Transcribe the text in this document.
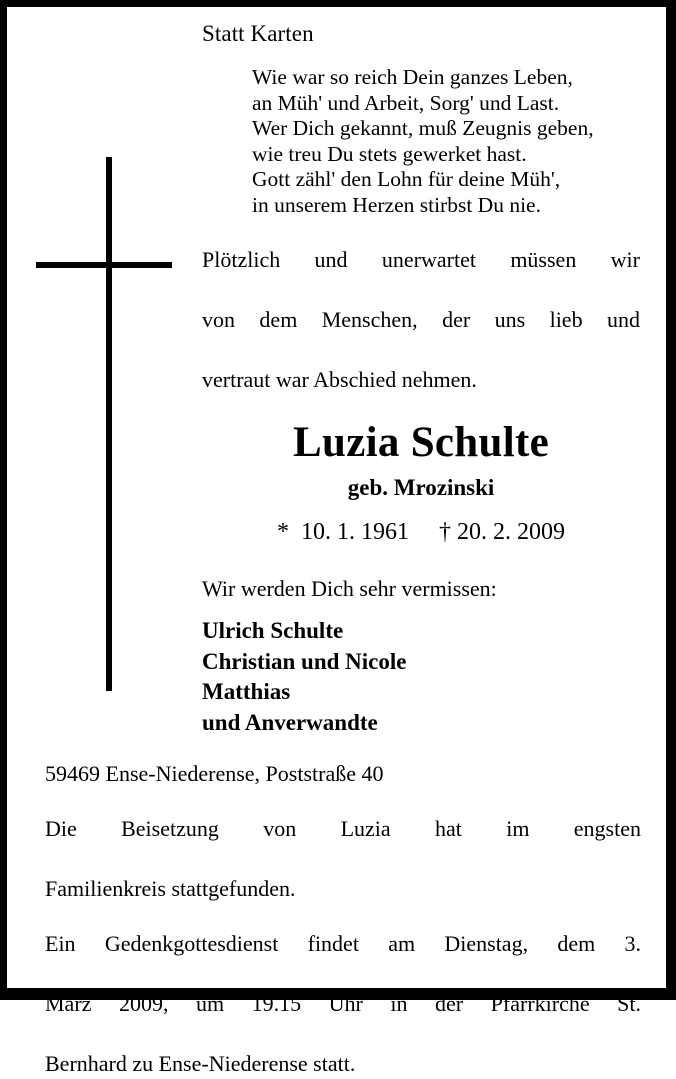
Statt Karten
Wie war so reich Dein ganzes Leben,
an Müh' und Arbeit, Sorg' und Last.
Wer Dich gekannt, muß Zeugnis geben,
wie treu Du stets gewerket hast.
Gott zähl' den Lohn für deine Müh',
in unserem Herzen stirbst Du nie.
Plötzlich und unerwartet müssen wir
von dem Menschen, der uns lieb und
vertraut war Abschied nehmen.
Luzia Schulte
geb. Mrozinski
*  10. 1. 1961     † 20. 2. 2009
Wir werden Dich sehr vermissen:
Ulrich Schulte
Christian und Nicole
Matthias
und Anverwandte
59469 Ense-Niederense, Poststraße 40
Die Beisetzung von Luzia hat im engsten
Familienkreis stattgefunden.
Ein Gedenkgottesdienst findet am Dienstag, dem 3.
März 2009, um 19.15 Uhr in der Pfarrkirche St.
Bernhard zu Ense-Niederense statt.
